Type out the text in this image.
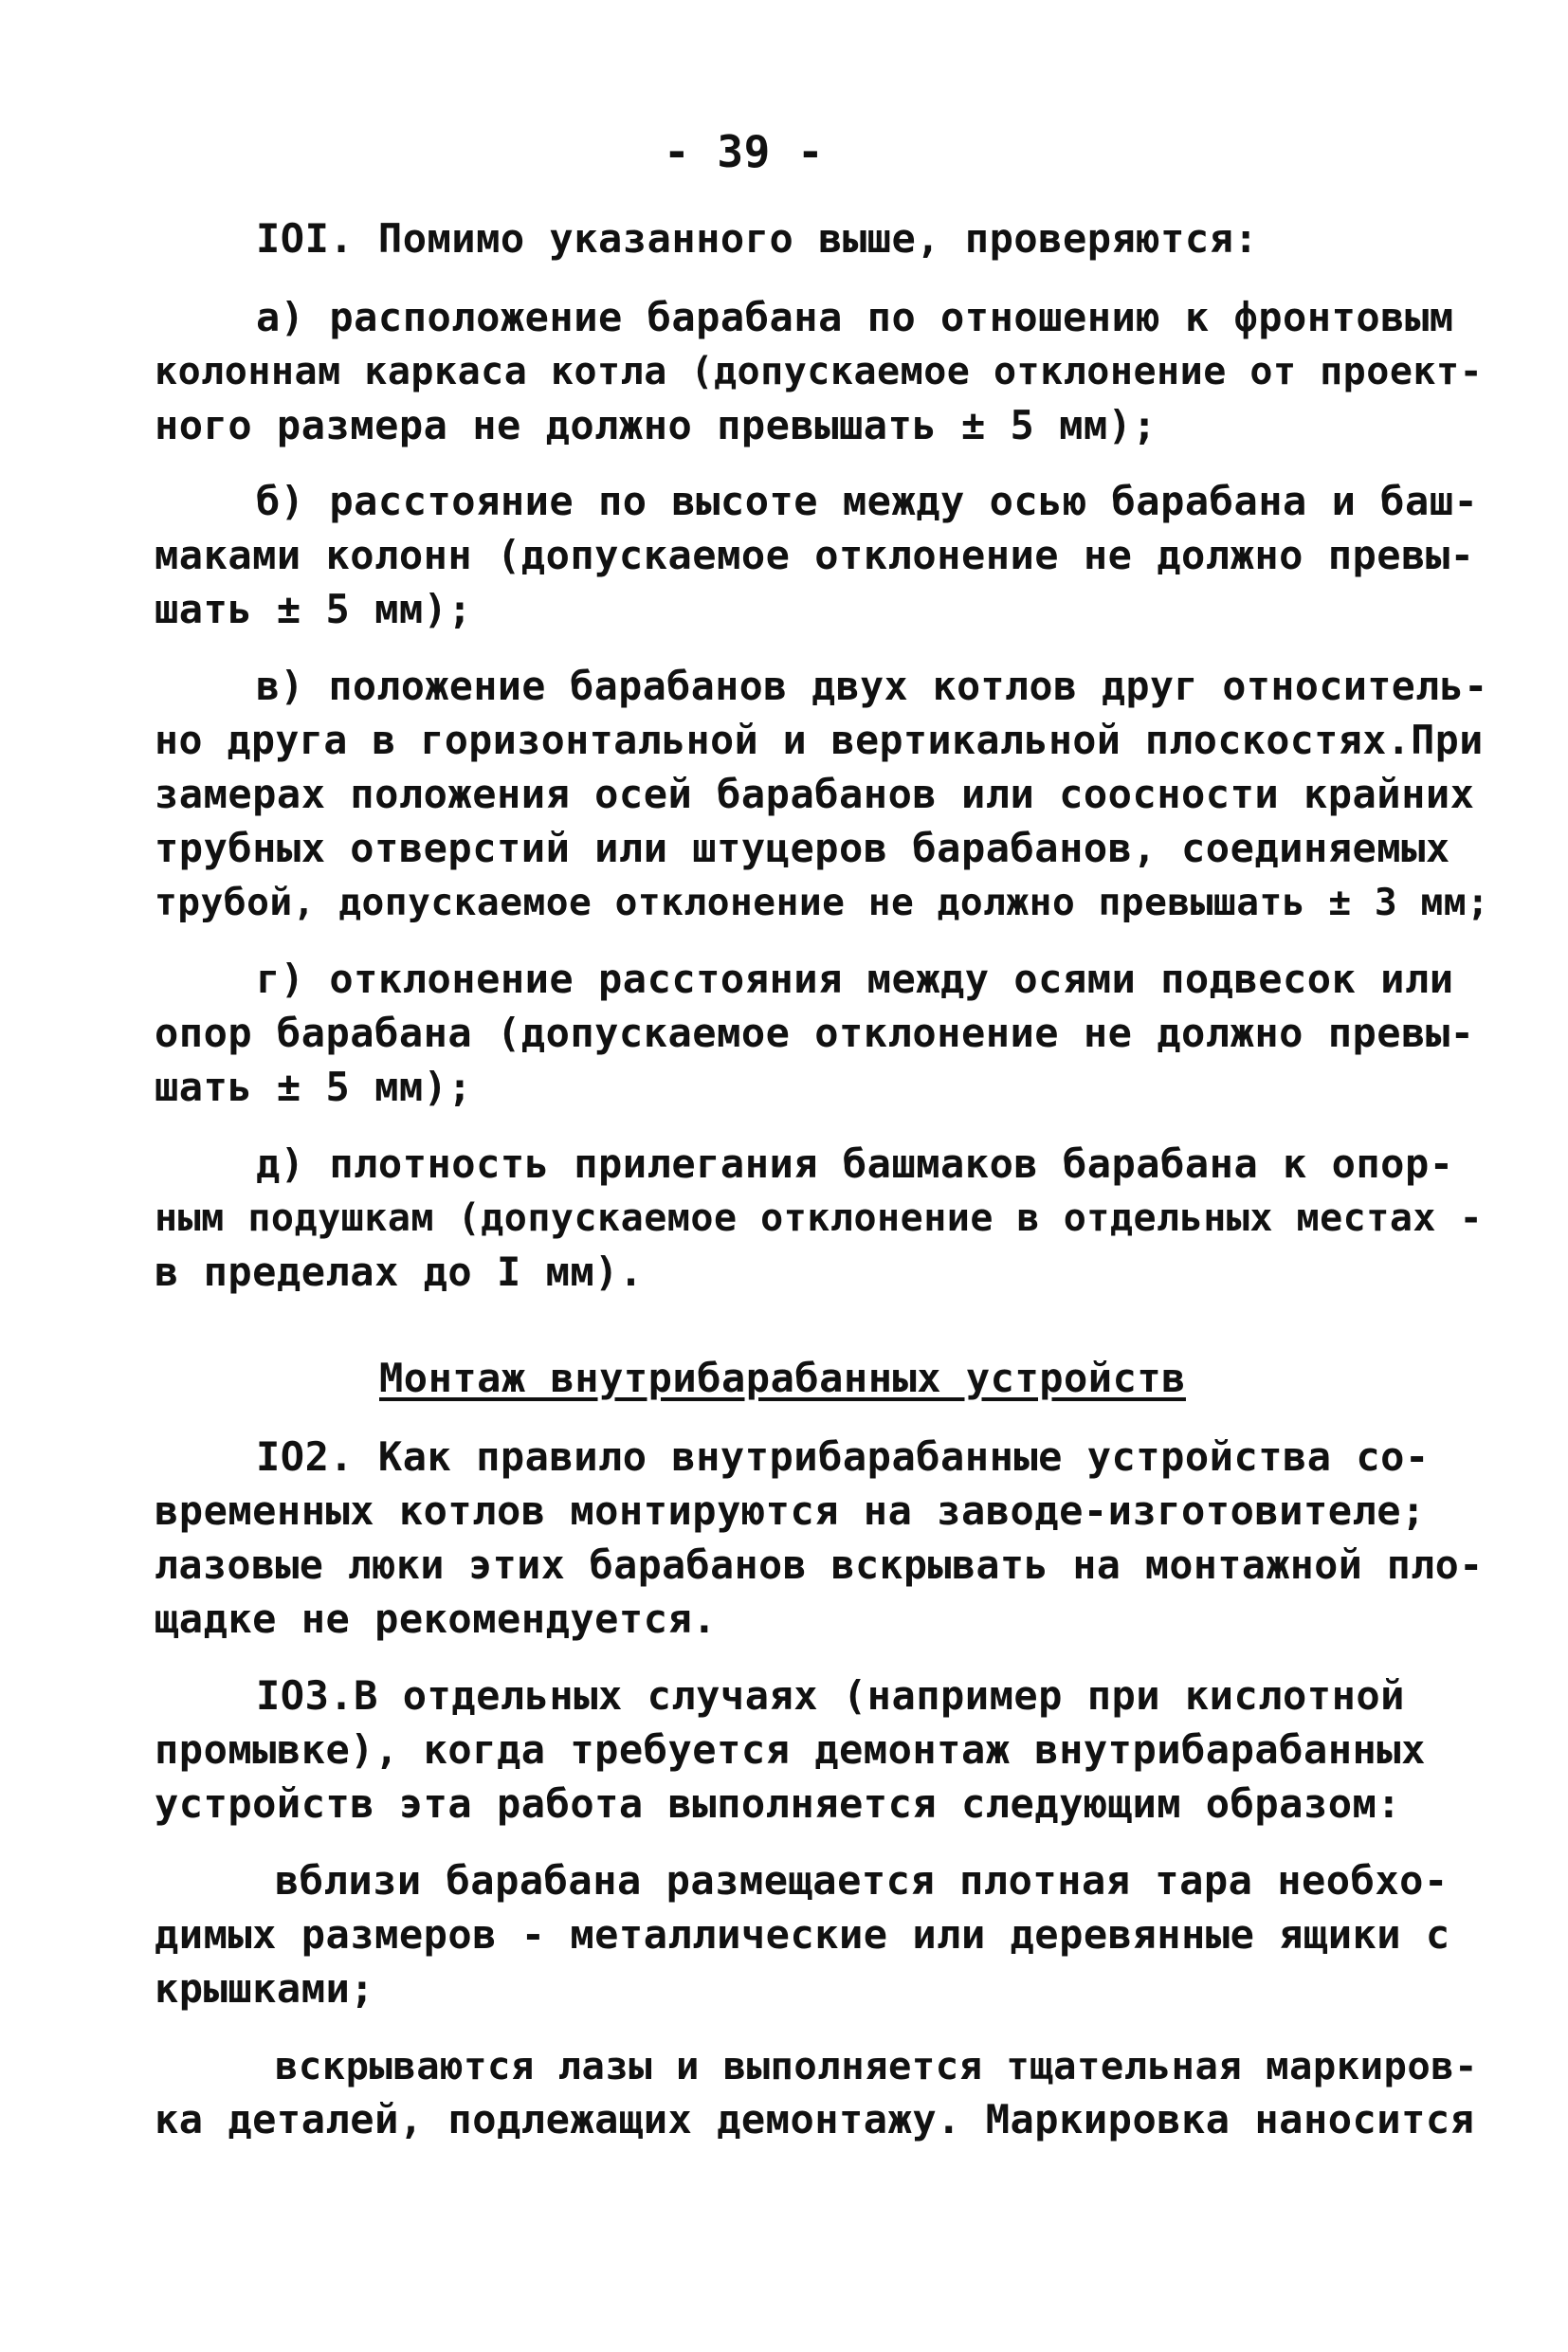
- 39 -
IOI. Помимо указанного выше, проверяются:
а) расположение барабана по отношению к фронтовым
колоннам каркаса котла (допускаемое отклонение от проект-
ного размера не должно превышать ± 5 мм);
б) расстояние по высоте между осью барабана и баш-
маками колонн (допускаемое отклонение не должно превы-
шать ± 5 мм);
в) положение барабанов двух котлов друг относитель-
но друга в горизонтальной и вертикальной плоскостях.При
замерах положения осей барабанов или соосности крайних
трубных отверстий или штуцеров барабанов, соединяемых
трубой, допускаемое отклонение не должно превышать ± 3 мм;
г) отклонение расстояния между осями подвесок или
опор барабана (допускаемое отклонение не должно превы-
шать ± 5 мм);
д) плотность прилегания башмаков барабана к опор-
ным подушкам (допускаемое отклонение в отдельных местах -
в пределах до I мм).
Монтаж внутрибарабанных устройств
IO2. Как правило внутрибарабанные устройства со-
временных котлов монтируются на заводе-изготовителе;
лазовые люки этих барабанов вскрывать на монтажной пло-
щадке не рекомендуется.
IO3.В отдельных случаях (например при кислотной
промывке), когда требуется демонтаж внутрибарабанных
устройств эта работа выполняется следующим образом:
вблизи барабана размещается плотная тара необхо-
димых размеров - металлические или деревянные ящики с
крышками;
вскрываются лазы и выполняется тщательная маркиров-
ка деталей, подлежащих демонтажу. Маркировка наносится
